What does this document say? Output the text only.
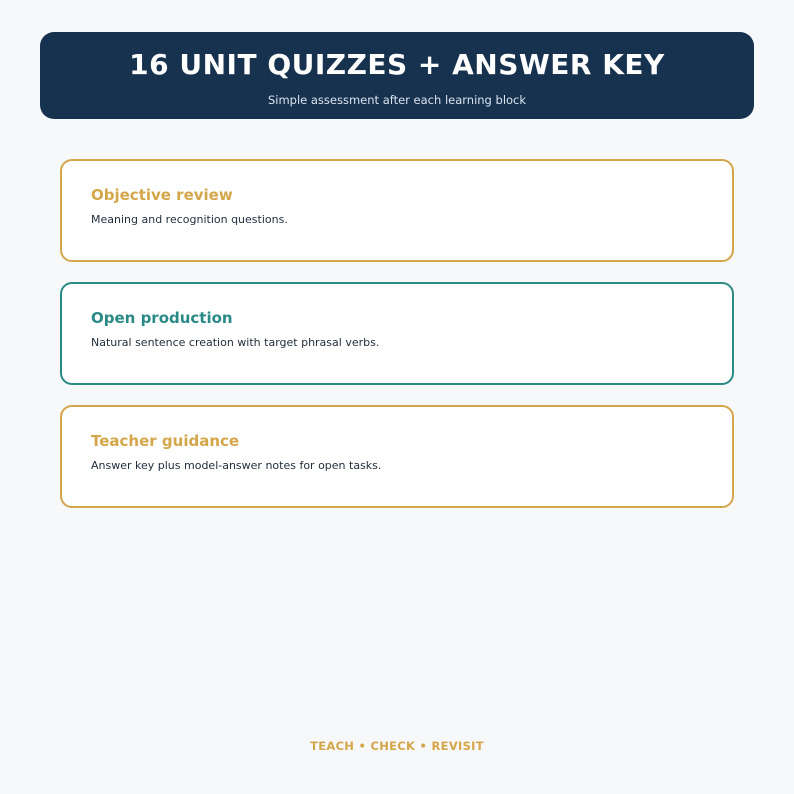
16 UNIT QUIZZES + ANSWER KEY
Simple assessment after each learning block
Objective review
Meaning and recognition questions.
Open production
Natural sentence creation with target phrasal verbs.
Teacher guidance
Answer key plus model-answer notes for open tasks.
TEACH • CHECK • REVISIT
